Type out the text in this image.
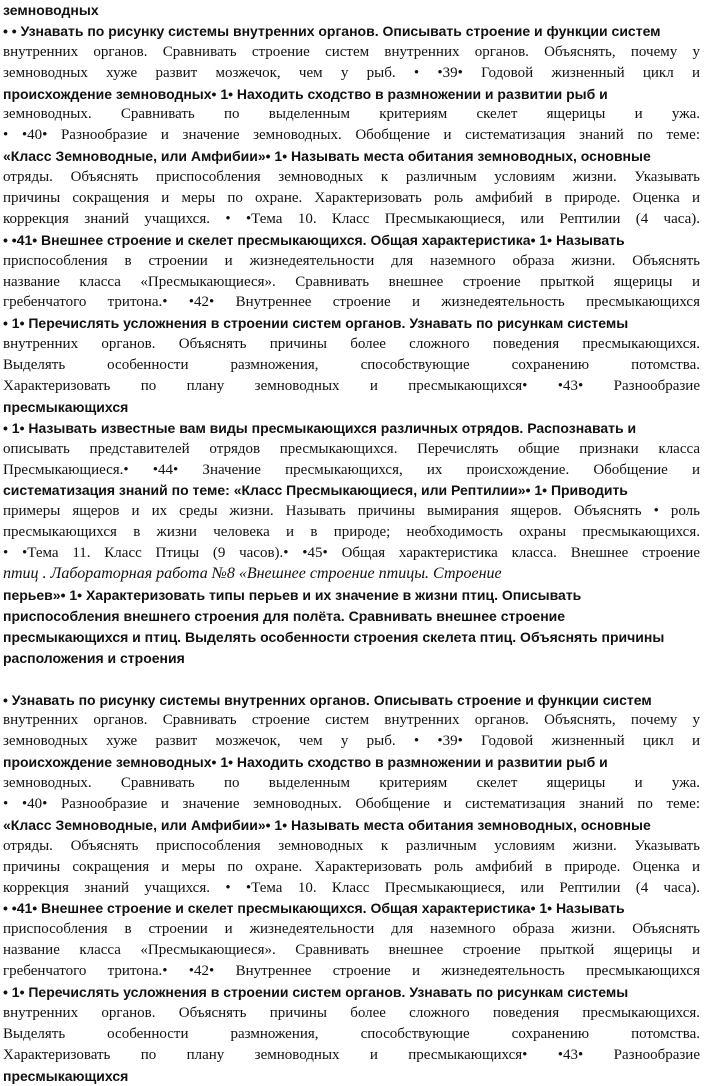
земноводных
• • Узнавать по рисунку системы внутренних органов. Описывать строение и функции систем
внутренних органов. Сравнивать строение систем внутренних органов. Объяснять, почему у
земноводных хуже развит мозжечок, чем у рыб. • •39• Годовой жизненный цикл и
происхождение земноводных• 1• Находить сходство в размножении и развитии рыб и
земноводных. Сравнивать по выделенным критериям скелет ящерицы и ужа.
• •40• Разнообразие и значение земноводных. Обобщение и систематизация знаний по теме:
«Класс Земноводные, или Амфибии»• 1• Называть места обитания земноводных, основные
отряды. Объяснять приспособления земноводных к различным условиям жизни. Указывать
причины сокращения и меры по охране. Характеризовать роль амфибий в природе. Оценка и
коррекция знаний учащихся. • •Тема 10. Класс Пресмыкающиеся, или Рептилии (4 часа).
• •41• Внешнее строение и скелет пресмыкающихся. Общая характеристика• 1• Называть
приспособления в строении и жизнедеятельности для наземного образа жизни. Объяснять
название класса «Пресмыкающиеся». Сравнивать внешнее строение прыткой ящерицы и
гребенчатого тритона.• •42• Внутреннее строение и жизнедеятельность пресмыкающихся
• 1• Перечислять усложнения в строении систем органов. Узнавать по рисункам системы
внутренних органов. Объяснять причины более сложного поведения пресмыкающихся.
Выделять особенности размножения, способствующие сохранению потомства.
Характеризовать по плану земноводных и пресмыкающихся• •43• Разнообразие
пресмыкающихся
• 1• Называть известные вам виды пресмыкающихся различных отрядов. Распознавать и
описывать представителей отрядов пресмыкающихся. Перечислять общие признаки класса
Пресмыкающиеся.• •44• Значение пресмыкающихся, их происхождение. Обобщение и
систематизация знаний по теме: «Класс Пресмыкающиеся, или Рептилии»• 1• Приводить
примеры ящеров и их среды жизни. Называть причины вымирания ящеров. Объяснять • роль
пресмыкающихся в жизни человека и в природе; необходимость охраны пресмыкающихся.
• •Тема 11. Класс Птицы (9 часов).• •45• Общая характеристика класса. Внешнее строение
птиц . Лабораторная работа №8 «Внешнее строение птицы. Строение
перьев»• 1• Характеризовать типы перьев и их значение в жизни птиц. Описывать
приспособления внешнего строения для полёта. Сравнивать внешнее строение
пресмыкающихся и птиц. Выделять особенности строения скелета птиц. Объяснять причины
расположения и строения
• Узнавать по рисунку системы внутренних органов. Описывать строение и функции систем
внутренних органов. Сравнивать строение систем внутренних органов. Объяснять, почему у
земноводных хуже развит мозжечок, чем у рыб. • •39• Годовой жизненный цикл и
происхождение земноводных• 1• Находить сходство в размножении и развитии рыб и
земноводных. Сравнивать по выделенным критериям скелет ящерицы и ужа.
• •40• Разнообразие и значение земноводных. Обобщение и систематизация знаний по теме:
«Класс Земноводные, или Амфибии»• 1• Называть места обитания земноводных, основные
отряды. Объяснять приспособления земноводных к различным условиям жизни. Указывать
причины сокращения и меры по охране. Характеризовать роль амфибий в природе. Оценка и
коррекция знаний учащихся. • •Тема 10. Класс Пресмыкающиеся, или Рептилии (4 часа).
• •41• Внешнее строение и скелет пресмыкающихся. Общая характеристика• 1• Называть
приспособления в строении и жизнедеятельности для наземного образа жизни. Объяснять
название класса «Пресмыкающиеся». Сравнивать внешнее строение прыткой ящерицы и
гребенчатого тритона.• •42• Внутреннее строение и жизнедеятельность пресмыкающихся
• 1• Перечислять усложнения в строении систем органов. Узнавать по рисункам системы
внутренних органов. Объяснять причины более сложного поведения пресмыкающихся.
Выделять особенности размножения, способствующие сохранению потомства.
Характеризовать по плану земноводных и пресмыкающихся• •43• Разнообразие
пресмыкающихся
